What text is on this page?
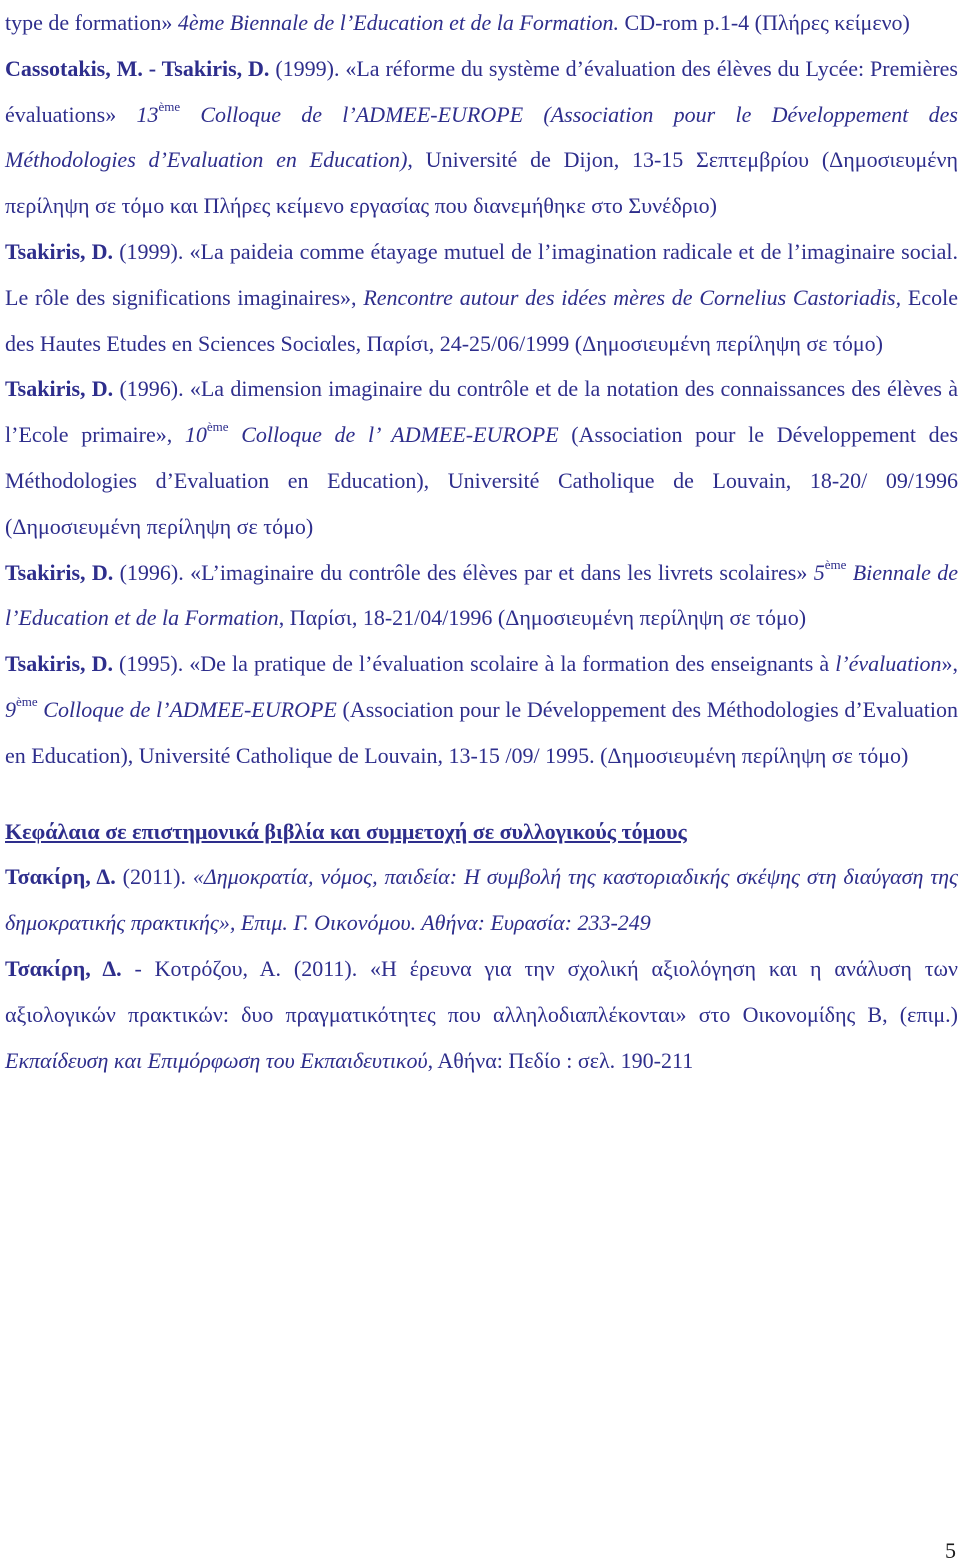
type de formation» 4ème Biennale de l’Education et de la Formation. CD-rom p.1-4 (Πλήρες κείμενο)

Cassotakis, M. - Tsakiris, D. (1999). «La réforme du système d’évaluation des élèves du Lycée: Premières évaluations» 13ème Colloque de l’ADMEE-EUROPE (Association pour le Développement des Méthodologies d’Evaluation en Education), Université de Dijon, 13-15 Σεπτεμβρίου (Δημοσιευμένη περίληψη σε τόμο και Πλήρες κείμενο εργασίας που διανεμήθηκε στο Συνέδριο)

Tsakiris, D. (1999). «La paideia comme étayage mutuel de l’imagination radicale et de l’imaginaire social. Le rôle des significations imaginaires», Rencontre autour des idées mères de Cornelius Castoriadis, Ecole des Hautes Etudes en Sciences Sociαles, Παρίσι, 24-25/06/1999 (Δημοσιευμένη περίληψη σε τόμο)

Tsakiris, D. (1996). «La dimension imaginaire du contrôle et de la notation des connaissances des élèves à l’Ecole primaire», 10ème Colloque de l’ ADMEE-EUROPE (Association pour le Développement des Méthodologies d’Evaluation en Education), Université Catholique de Louvain, 18-20/ 09/1996 (Δημοσιευμένη περίληψη σε τόμο)

Tsakiris, D. (1996). «L’imaginaire du contrôle des élèves par et dans les livrets scolaires» 5ème Biennale de l’Education et de la Formation, Παρίσι, 18-21/04/1996 (Δημοσιευμένη περίληψη σε τόμο)

Tsakiris, D. (1995). «De la pratique de l’évaluation scolaire à la formation des enseignants à l’évaluation», 9ème Colloque de l’ADMEE-EUROPE (Association pour le Développement des Méthodologies d’Evaluation en Education), Université Catholique de Louvain, 13-15 /09/ 1995. (Δημοσιευμένη περίληψη σε τόμο)

Κεφάλαια σε επιστημονικά βιβλία και συμμετοχή σε συλλογικούς τόμους

Τσακίρη, Δ. (2011). «Δημοκρατία, νόμος, παιδεία: Η συμβολή της καστοριαδικής σκέψης στη διαύγαση της δημοκρατικής πρακτικής», Επιμ. Γ. Οικονόμου. Αθήνα: Ευρασία: 233-249

Τσακίρη, Δ. - Κοτρόζου, Α. (2011). «Η έρευνα για την σχολική αξιολόγηση και η ανάλυση των αξιολογικών πρακτικών: δυο πραγματικότητες που αλληλοδιαπλέκονται» στο Οικονομίδης Β, (επιμ.) Εκπαίδευση και Επιμόρφωση του Εκπαιδευτικού, Αθήνα: Πεδίο : σελ. 190-211

5
